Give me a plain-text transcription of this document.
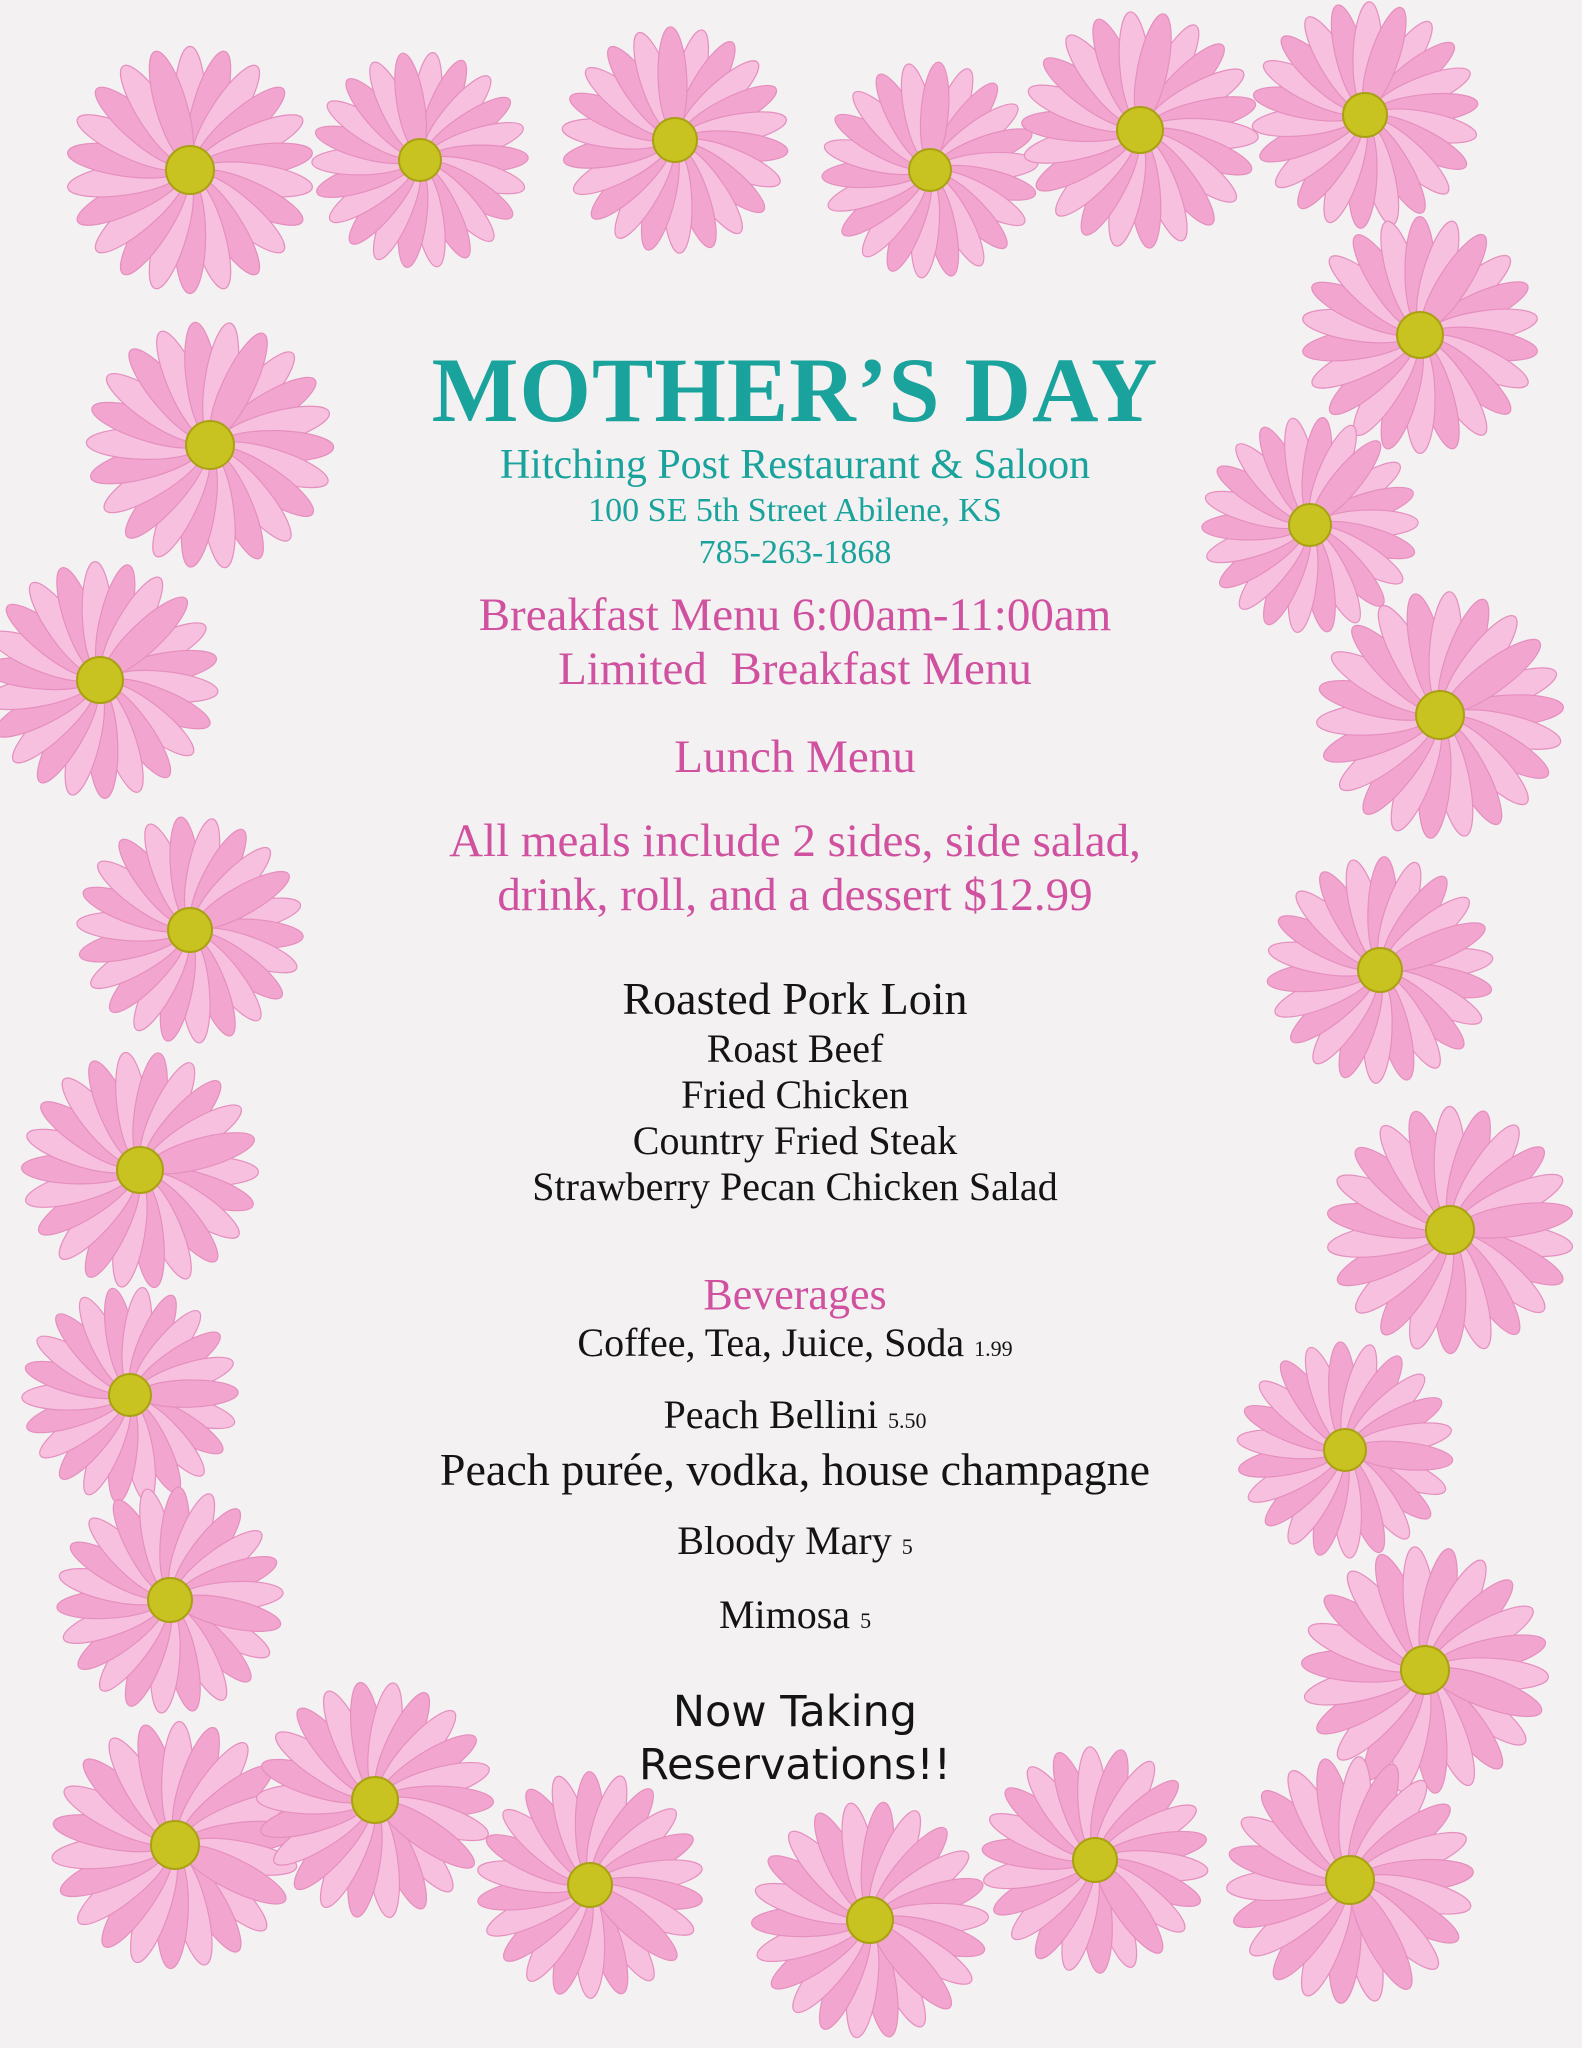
MOTHER’S DAY
Hitching Post Restaurant & Saloon
100 SE 5th Street Abilene, KS
785-263-1868
Breakfast Menu 6:00am-11:00am
Limited  Breakfast Menu
Lunch Menu
All meals include 2 sides, side salad,
drink, roll, and a dessert $12.99
Roasted Pork Loin
Roast Beef
Fried Chicken
Country Fried Steak
Strawberry Pecan Chicken Salad
Beverages
Coffee, Tea, Juice, Soda 1.99
Peach Bellini 5.50
Peach purée, vodka, house champagne
Bloody Mary 5
Mimosa 5
Now Taking
Reservations!!
